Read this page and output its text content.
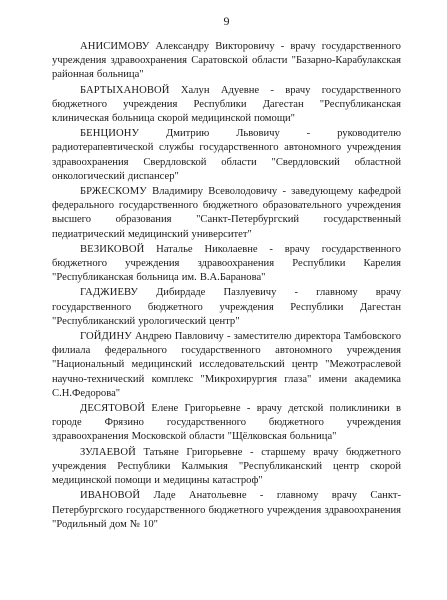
9

АНИСИМОВУ Александру Викторовичу - врачу государственного учреждения здравоохранения Саратовской области "Базарно-Карабулакская районная больница"

БАРТЫХАНОВОЙ Халун Адуевне - врачу государственного бюджетного учреждения Республики Дагестан "Республиканская клиническая больница скорой медицинской помощи"

БЕНЦИОНУ	Дмитрию Львовичу - руководителю радиотерапевтической службы государственного автономного учреждения здравоохранения Свердловской области "Свердловский областной онкологический диспансер"

БРЖЕСКОМУ Владимиру Всеволодовичу - заведующему кафедрой федерального государственного бюджетного образовательного учреждения высшего образования "Санкт-Петербургский государственный педиатрический медицинский университет"

ВЕЗИКОВОЙ Наталье Николаевне - врачу государственного бюджетного учреждения здравоохранения Республики Карелия "Республиканская больница им. В.А.Баранова"

ГАДЖИЕВУ Дибирдаде Пазлуевичу - главному врачу государственного бюджетного учреждения Республики Дагестан "Республиканский урологический центр"

ГОЙДИНУ Андрею Павловичу - заместителю директора Тамбовского филиала федерального государственного автономного учреждения "Национальный медицинский исследовательский центр "Межотраслевой научно-технический комплекс "Микрохирургия глаза" имени академика С.Н.Федорова"

ДЕСЯТОВОЙ Елене Григорьевне - врачу детской поликлиники в городе Фрязино государственного бюджетного учреждения здравоохранения Московской области "Щёлковская больница"

ЗУЛАЕВОЙ Татьяне Григорьевне - старшему врачу бюджетного учреждения Республики Калмыкия "Республиканский центр скорой медицинской помощи и медицины катастроф"

ИВАНОВОЙ Ладе Анатольевне - главному врачу Санкт-Петербургского государственного бюджетного учреждения здравоохранения "Родильный дом № 10"
